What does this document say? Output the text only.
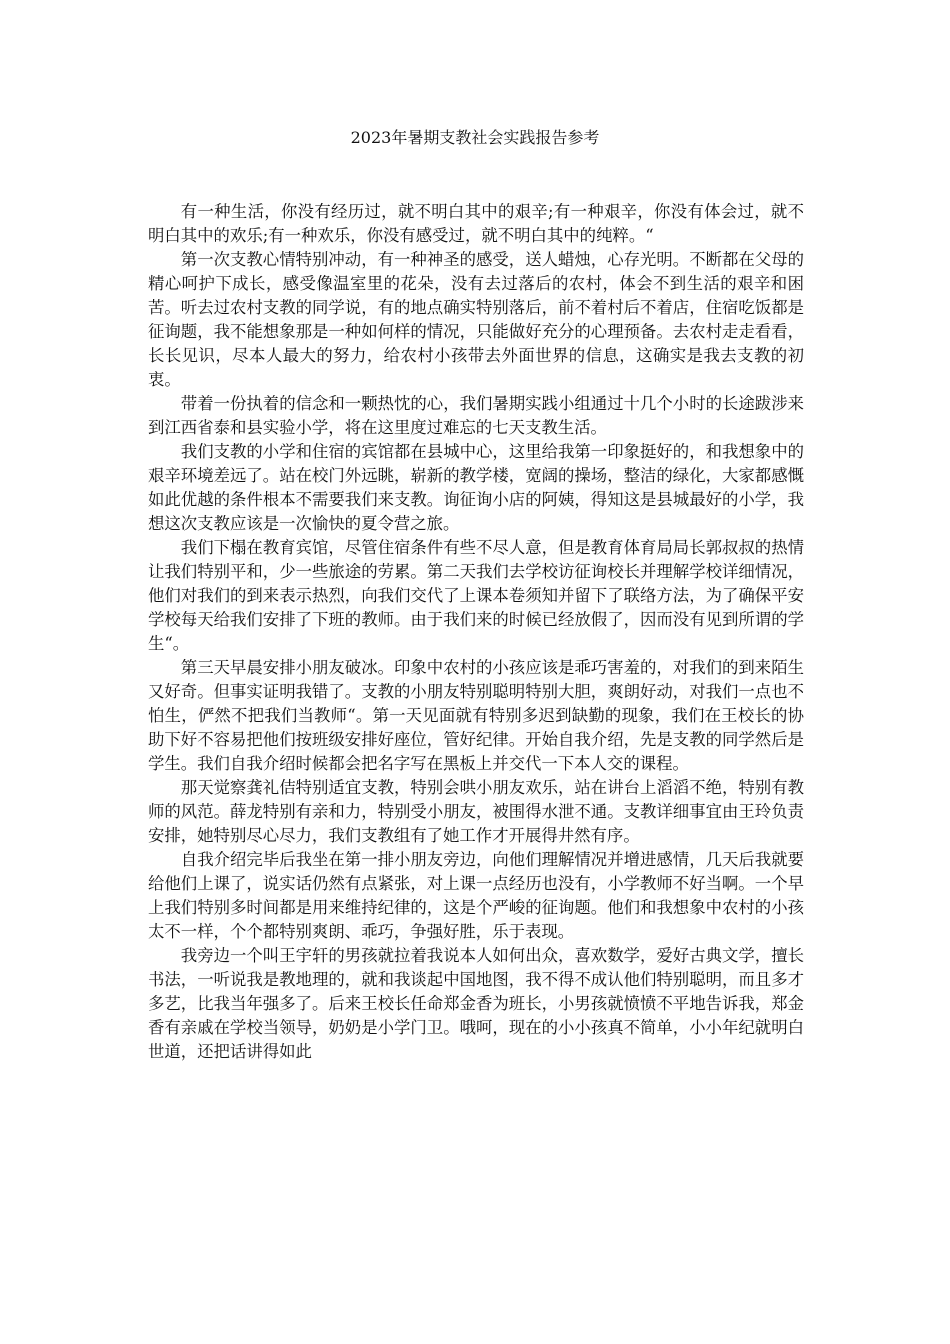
2023年暑期支教社会实践报告参考

有一种生活，你没有经历过，就不明白其中的艰辛;有一种艰辛，你没有体会过，就不明白其中的欢乐;有一种欢乐，你没有感受过，就不明白其中的纯粹。“

第一次支教心情特别冲动，有一种神圣的感受，送人蜡烛，心存光明。不断都在父母的精心呵护下成长，感受像温室里的花朵，没有去过落后的农村，体会不到生活的艰辛和困苦。听去过农村支教的同学说，有的地点确实特别落后，前不着村后不着店，住宿吃饭都是征询题，我不能想象那是一种如何样的情况，只能做好充分的心理预备。去农村走走看看，长长见识，尽本人最大的努力，给农村小孩带去外面世界的信息，这确实是我去支教的初衷。

带着一份执着的信念和一颗热忱的心，我们暑期实践小组通过十几个小时的长途跋涉来到江西省泰和县实验小学，将在这里度过难忘的七天支教生活。

我们支教的小学和住宿的宾馆都在县城中心，这里给我第一印象挺好的，和我想象中的艰辛环境差远了。站在校门外远眺，崭新的教学楼，宽阔的操场，整洁的绿化，大家都感慨如此优越的条件根本不需要我们来支教。询征询小店的阿姨，得知这是县城最好的小学，我想这次支教应该是一次愉快的夏令营之旅。

我们下榻在教育宾馆，尽管住宿条件有些不尽人意，但是教育体育局局长郭叔叔的热情让我们特别平和，少一些旅途的劳累。第二天我们去学校访征询校长并理解学校详细情况，他们对我们的到来表示热烈，向我们交代了上课本卷须知并留下了联络方法，为了确保平安学校每天给我们安排了下班的教师。由于我们来的时候已经放假了，因而没有见到所谓的学生“。

第三天早晨安排小朋友破冰。印象中农村的小孩应该是乖巧害羞的，对我们的到来陌生又好奇。但事实证明我错了。支教的小朋友特别聪明特别大胆，爽朗好动，对我们一点也不怕生，俨然不把我们当教师“。第一天见面就有特别多迟到缺勤的现象，我们在王校长的协助下好不容易把他们按班级安排好座位，管好纪律。开始自我介绍，先是支教的同学然后是学生。我们自我介绍时候都会把名字写在黑板上并交代一下本人交的课程。

那天觉察龚礼佶特别适宜支教，特别会哄小朋友欢乐，站在讲台上滔滔不绝，特别有教师的风范。薛龙特别有亲和力，特别受小朋友，被围得水泄不通。支教详细事宜由王玲负责安排，她特别尽心尽力，我们支教组有了她工作才开展得井然有序。

自我介绍完毕后我坐在第一排小朋友旁边，向他们理解情况并增进感情，几天后我就要给他们上课了，说实话仍然有点紧张，对上课一点经历也没有，小学教师不好当啊。一个早上我们特别多时间都是用来维持纪律的，这是个严峻的征询题。他们和我想象中农村的小孩太不一样，个个都特别爽朗、乖巧，争强好胜，乐于表现。

我旁边一个叫王宇轩的男孩就拉着我说本人如何出众，喜欢数学，爱好古典文学，擅长书法，一听说我是教地理的，就和我谈起中国地图，我不得不成认他们特别聪明，而且多才多艺，比我当年强多了。后来王校长任命郑金香为班长，小男孩就愤愤不平地告诉我，郑金香有亲戚在学校当领导，奶奶是小学门卫。哦呵，现在的小小孩真不简单，小小年纪就明白世道，还把话讲得如此
